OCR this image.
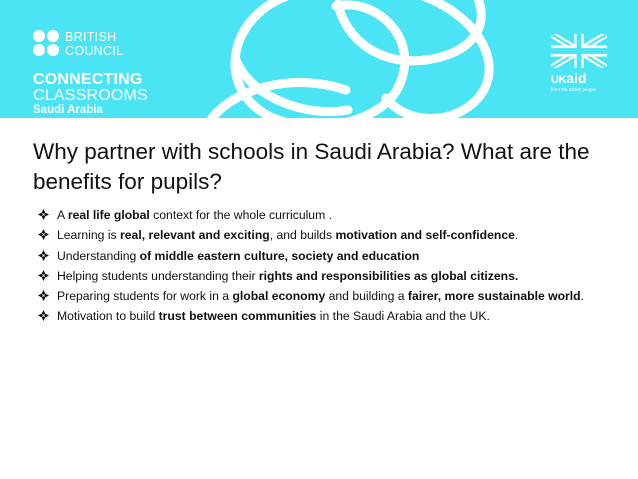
BRITISH
COUNCIL
CONNECTING
CLASSROOMS
Saudi Arabia
UKaid
from the British people
Why partner with schools in Saudi Arabia? What are the benefits for pupils?
A real life global context for the whole curriculum .
Learning is real, relevant and exciting, and builds motivation and self-confidence.
Understanding of middle eastern culture, society and education
Helping students understanding their rights and responsibilities as global citizens.
Preparing students for work in a global economy and building a fairer, more sustainable world.
Motivation to build trust between communities in the Saudi Arabia and the UK.
